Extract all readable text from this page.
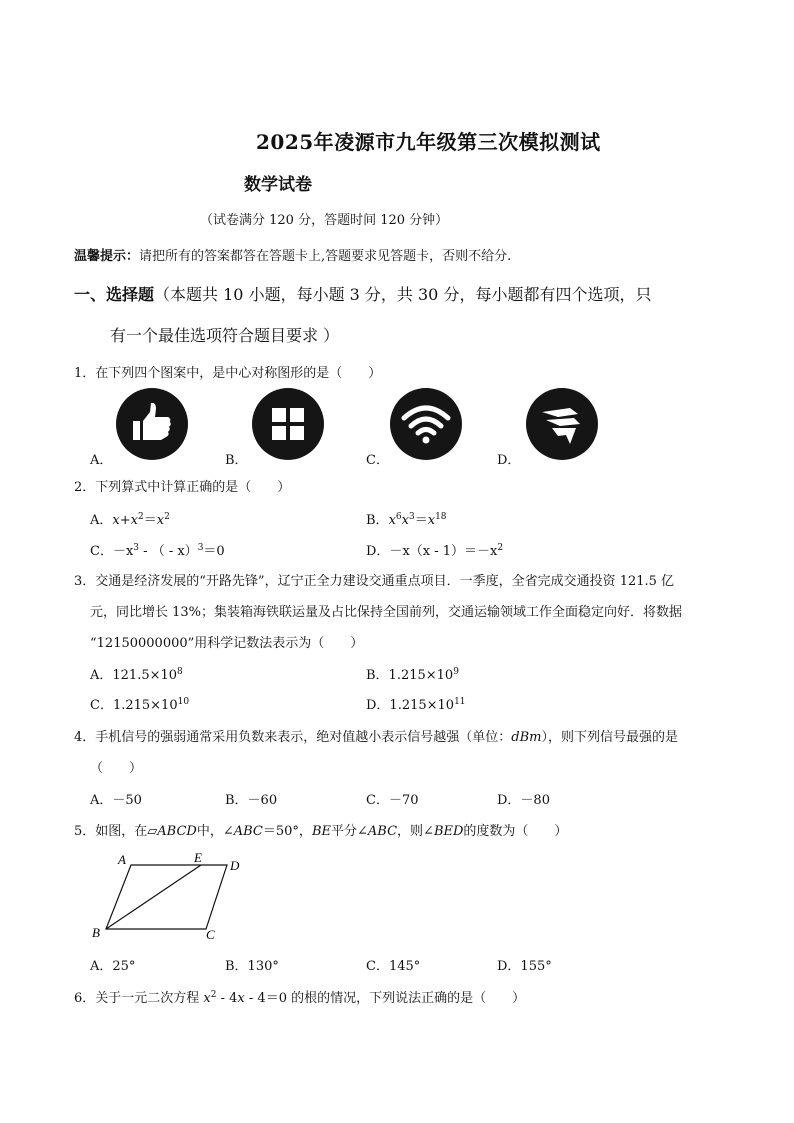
2025年凌源市九年级第三次模拟测试
数学试卷
（试卷满分 120 分，答题时间 120 分钟）
温馨提示：请把所有的答案都答在答题卡上,答题要求见答题卡，否则不给分.
一、选择题（本题共 10 小题，每小题 3 分，共 30 分，每小题都有四个选项，只
有一个最佳选项符合题目要求 ）
1．在下列四个图案中，是中心对称图形的是（　　）
A．	B．	C．	D．
2．下列算式中计算正确的是（　　）
A．$x+x^2=x^2$	B．$x^6x^3=x^{18}$
C．$-x^3$ - （ - x）$^3$＝0	D．$-x(x - 1)=-x^2$
3．交通是经济发展的“开路先锋”，辽宁正全力建设交通重点项目．一季度，全省完成交通投资 121.5 亿
元，同比增长 13%；集装箱海铁联运量及占比保持全国前列，交通运输领域工作全面稳定向好．将数据
“12150000000”用科学记数法表示为（　　）
A．$121.5\times 10^8$	B．$1.215\times 10^9$
C．$1.215\times 10^{10}$	D．$1.215\times 10^{11}$
4．手机信号的强弱通常采用负数来表示，绝对值越小表示信号越强（单位：dBm），则下列信号最强的是
（　　）
A．－50	B．－60	C．－70	D．－80
5．如图，在▱ABCD中，∠ABC＝50°，BE平分∠ABC，则∠BED的度数为（　　）
A	E
D
B	C
A．25°	B．130°	C．145°	D．155°
6．关于一元二次方程 $x^2 - 4x - 4=0$ 的根的情况，下列说法正确的是（　　）
